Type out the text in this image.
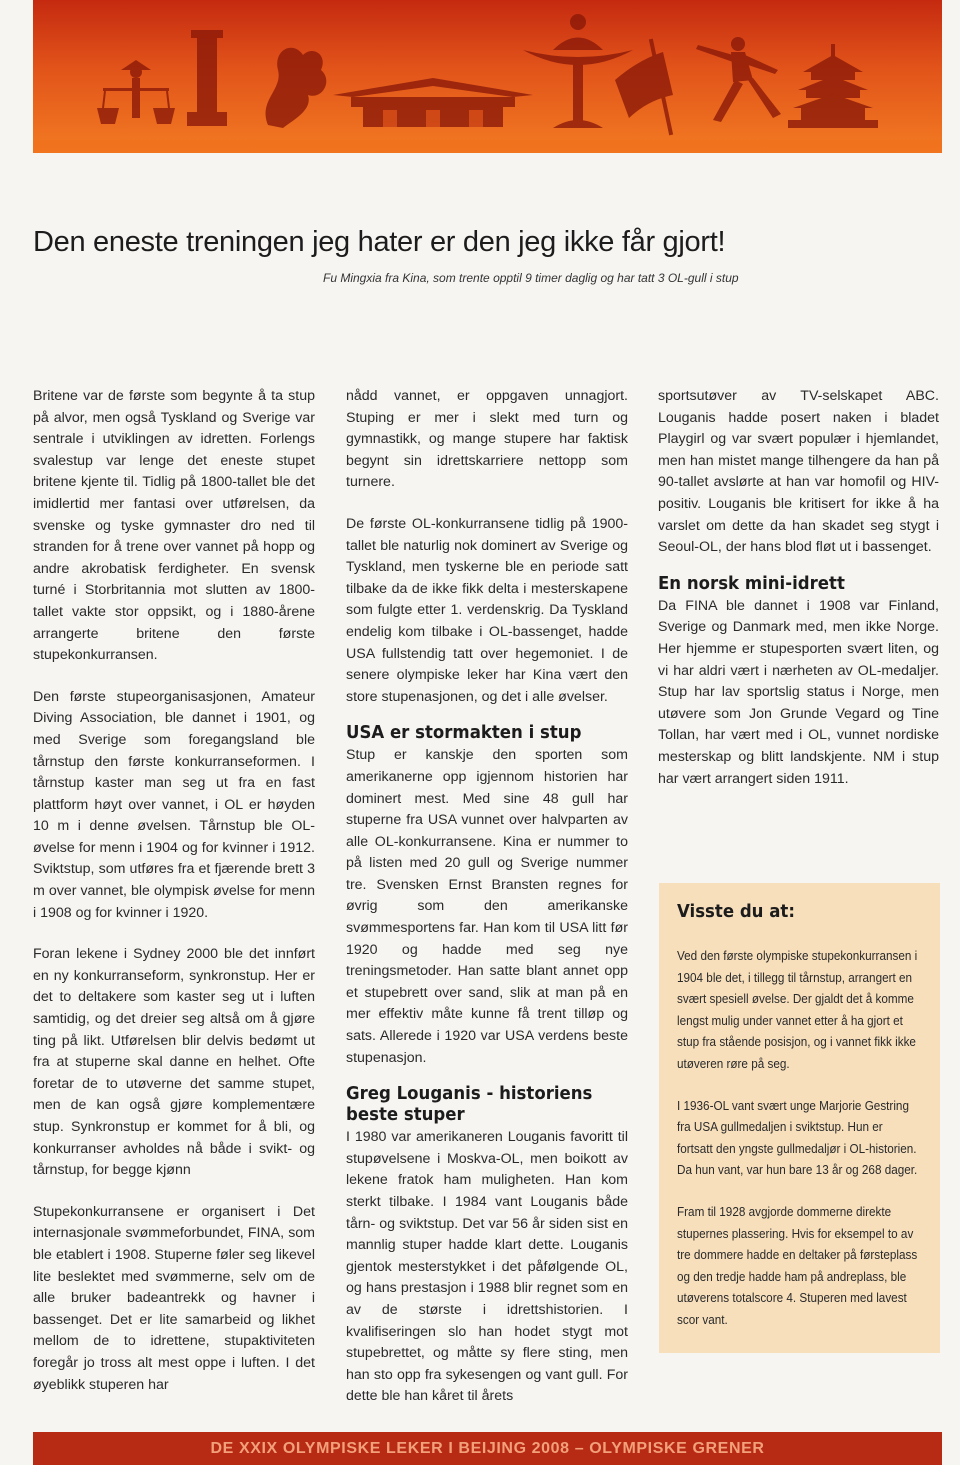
Den eneste treningen jeg hater er den jeg ikke får gjort!
Fu Mingxia fra Kina, som trente opptil 9 timer daglig og har tatt 3 OL-gull i stup

Britene var de første som begynte å ta stup på alvor, men også Tyskland og Sverige var sentrale i utviklingen av idretten. Forlengs svalestup var lenge det eneste stupet britene kjente til. Tidlig på 1800-tallet ble det imidlertid mer fantasi over utførelsen, da svenske og tyske gymnaster dro ned til stranden for å trene over vannet på hopp og andre akrobatisk ferdigheter. En svensk turné i Storbritannia mot slutten av 1800-tallet vakte stor oppsikt, og i 1880-årene arrangerte britene den første stupekonkurransen.

Den første stupeorganisasjonen, Amateur Diving Association, ble dannet i 1901, og med Sverige som foregangsland ble tårnstup den første konkurranseformen. I tårnstup kaster man seg ut fra en fast plattform høyt over vannet, i OL er høyden 10 m i denne øvelsen. Tårnstup ble OL-øvelse for menn i 1904 og for kvinner i 1912. Sviktstup, som utføres fra et fjærende brett 3 m over vannet, ble olympisk øvelse for menn i 1908 og for kvinner i 1920.

Foran lekene i Sydney 2000 ble det innført en ny konkurranseform, synkronstup. Her er det to deltakere som kaster seg ut i luften samtidig, og det dreier seg altså om å gjøre ting på likt. Utførelsen blir delvis bedømt ut fra at stuperne skal danne en helhet. Ofte foretar de to utøverne det samme stupet, men de kan også gjøre komplementære stup. Synkronstup er kommet for å bli, og konkurranser avholdes nå både i svikt- og tårnstup, for begge kjønn

Stupekonkurransene er organisert i Det internasjonale svømmeforbundet, FINA, som ble etablert i 1908. Stuperne føler seg likevel lite beslektet med svømmerne, selv om de alle bruker badeantrekk og havner i bassenget. Det er lite samarbeid og likhet mellom de to idrettene, stupaktiviteten foregår jo tross alt mest oppe i luften. I det øyeblikk stuperen har

nådd vannet, er oppgaven unnagjort. Stuping er mer i slekt med turn og gymnastikk, og mange stupere har faktisk begynt sin idrettskarriere nettopp som turnere.

De første OL-konkurransene tidlig på 1900-tallet ble naturlig nok dominert av Sverige og Tyskland, men tyskerne ble en periode satt tilbake da de ikke fikk delta i mesterskapene som fulgte etter 1. verdenskrig. Da Tyskland endelig kom tilbake i OL-bassenget, hadde USA fullstendig tatt over hegemoniet. I de senere olympiske leker har Kina vært den store stupenasjonen, og det i alle øvelser.

USA er stormakten i stup

Stup er kanskje den sporten som amerikanerne opp igjennom historien har dominert mest. Med sine 48 gull har stuperne fra USA vunnet over halvparten av alle OL-konkurransene. Kina er nummer to på listen med 20 gull og Sverige nummer tre. Svensken Ernst Bransten regnes for øvrig som den amerikanske svømmesportens far. Han kom til USA litt før 1920 og hadde med seg nye treningsmetoder. Han satte blant annet opp et stupebrett over sand, slik at man på en mer effektiv måte kunne få trent tilløp og sats. Allerede i 1920 var USA verdens beste stupenasjon.

Greg Louganis - historiens
beste stuper

I 1980 var amerikaneren Louganis favoritt til stupøvelsene i Moskva-OL, men boikott av lekene fratok ham muligheten. Han kom sterkt tilbake. I 1984 vant Louganis både tårn- og sviktstup. Det var 56 år siden sist en mannlig stuper hadde klart dette. Louganis gjentok mesterstykket i det påfølgende OL, og hans prestasjon i 1988 blir regnet som en av de største i idrettshistorien. I kvalifiseringen slo han hodet stygt mot stupebrettet, og måtte sy flere sting, men han sto opp fra sykesengen og vant gull. For dette ble han kåret til årets

sportsutøver av TV-selskapet ABC. Louganis hadde posert naken i bladet Playgirl og var svært populær i hjemlandet, men han mistet mange tilhengere da han på 90-tallet avslørte at han var homofil og HIV-positiv. Louganis ble kritisert for ikke å ha varslet om dette da han skadet seg stygt i Seoul-OL, der hans blod fløt ut i bassenget.

En norsk mini-idrett

Da FINA ble dannet i 1908 var Finland, Sverige og Danmark med, men ikke Norge. Her hjemme er stupesporten svært liten, og vi har aldri vært i nærheten av OL-medaljer. Stup har lav sportslig status i Norge, men utøvere som Jon Grunde Vegard og Tine Tollan, har vært med i OL, vunnet nordiske mesterskap og blitt landskjente. NM i stup har vært arrangert siden 1911.

Visste du at:

Ved den første olympiske stupekonkurransen i 1904 ble det, i tillegg til tårnstup, arrangert en svært spesiell øvelse. Der gjaldt det å komme lengst mulig under vannet etter å ha gjort et stup fra stående posisjon, og i vannet fikk ikke utøveren røre på seg.

I 1936-OL vant svært unge Marjorie Gestring fra USA gullmedaljen i sviktstup. Hun er fortsatt den yngste gullmedaljør i OL-historien. Da hun vant, var hun bare 13 år og 268 dager.

Fram til 1928 avgjorde dommerne direkte stupernes plassering. Hvis for eksempel to av tre dommere hadde en deltaker på førsteplass og den tredje hadde ham på andreplass, ble utøverens totalscore 4. Stuperen med lavest scor vant.

DE XXIX OLYMPISKE LEKER I BEIJING 2008 – OLYMPISKE GRENER
